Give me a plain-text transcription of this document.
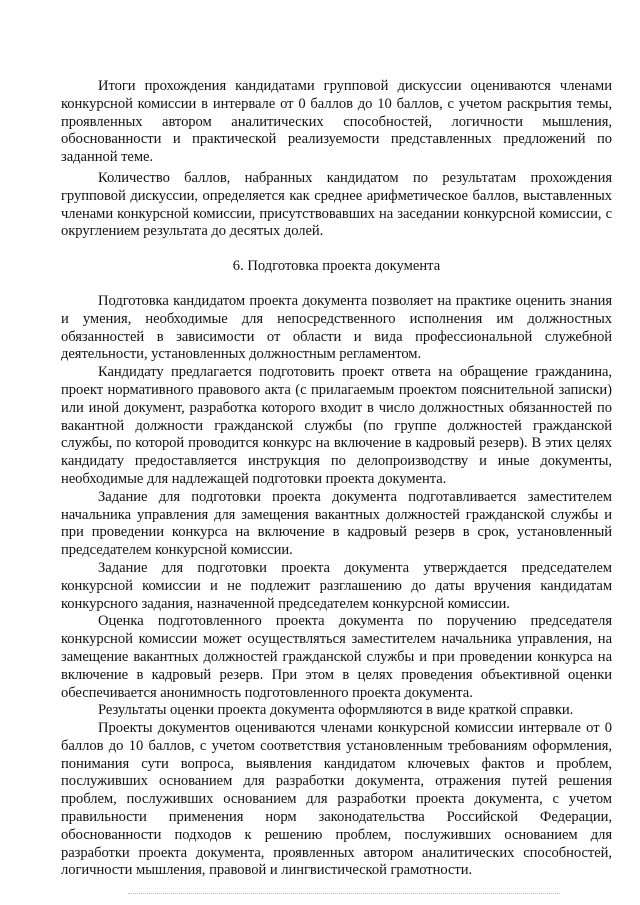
Итоги прохождения кандидатами групповой дискуссии оцениваются членами конкурсной комиссии в интервале от 0 баллов до 10 баллов, с учетом раскрытия темы, проявленных автором аналитических способностей, логичности мышления, обоснованности и практической реализуемости представленных предложений по заданной теме.

Количество баллов, набранных кандидатом по результатам прохождения групповой дискуссии, определяется как среднее арифметическое баллов, выставленных членами конкурсной комиссии, присутствовавших на заседании конкурсной комиссии, с округлением результата до десятых долей.

6. Подготовка проекта документа

Подготовка кандидатом проекта документа позволяет на практике оценить знания и умения, необходимые для непосредственного исполнения им должностных обязанностей в зависимости от области и вида профессиональной служебной деятельности, установленных должностным регламентом.

Кандидату предлагается подготовить проект ответа на обращение гражданина, проект нормативного правового акта (с прилагаемым проектом пояснительной записки) или иной документ, разработка которого входит в число должностных обязанностей по вакантной должности гражданской службы (по группе должностей гражданской службы, по которой проводится конкурс на включение в кадровый резерв). В этих целях кандидату предоставляется инструкция по делопроизводству и иные документы, необходимые для надлежащей подготовки проекта документа.

Задание для подготовки проекта документа подготавливается заместителем начальника управления для замещения вакантных должностей гражданской службы и при проведении конкурса на включение в кадровый резерв в срок, установленный председателем конкурсной комиссии.

Задание для подготовки проекта документа утверждается председателем конкурсной комиссии и не подлежит разглашению до даты вручения кандидатам конкурсного задания, назначенной председателем конкурсной комиссии.

Оценка подготовленного проекта документа по поручению председателя конкурсной комиссии может осуществляться заместителем начальника управления, на замещение вакантных должностей гражданской службы и при проведении конкурса на включение в кадровый резерв. При этом в целях проведения объективной оценки обеспечивается анонимность подготовленного проекта документа.

Результаты оценки проекта документа оформляются в виде краткой справки.

Проекты документов оцениваются членами конкурсной комиссии интервале от 0 баллов до 10 баллов, с учетом соответствия установленным требованиям оформления, понимания сути вопроса, выявления кандидатом ключевых фактов и проблем, послуживших основанием для разработки документа, отражения путей решения проблем, послуживших основанием для разработки проекта документа, с учетом правильности применения норм законодательства Российской Федерации, обоснованности подходов к решению проблем, послуживших основанием для разработки проекта документа, проявленных автором аналитических способностей, логичности мышления, правовой и лингвистической грамотности.
